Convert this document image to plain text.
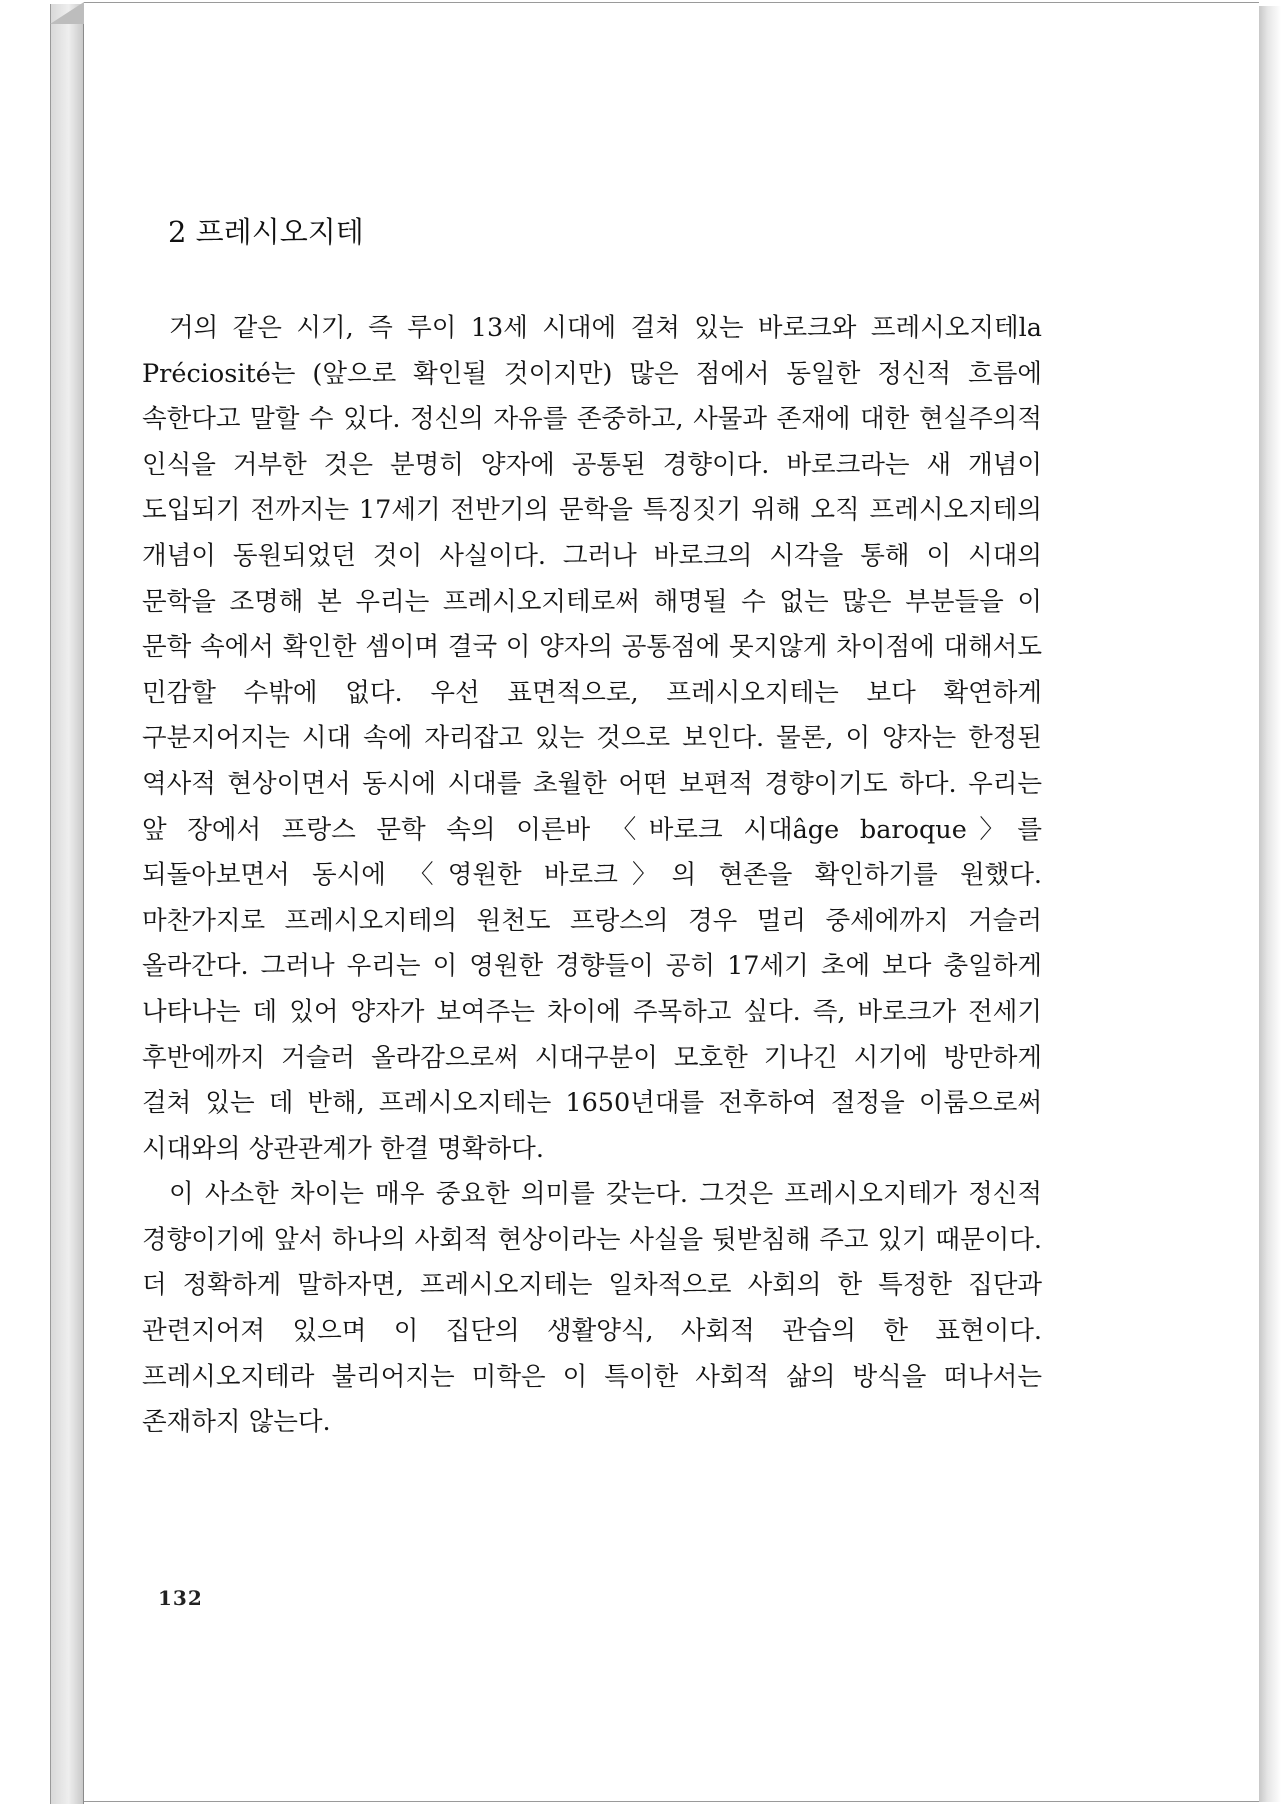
2 프레시오지테

거의 같은 시기, 즉 루이 13세 시대에 걸쳐 있는 바로크와 프레시오지테la Préciosité는 (앞으로 확인될 것이지만) 많은 점에서 동일한 정신적 흐름에 속한다고 말할 수 있다. 정신의 자유를 존중하고, 사물과 존재에 대한 현실주의적 인식을 거부한 것은 분명히 양자에 공통된 경향이다. 바로크라는 새 개념이 도입되기 전까지는 17세기 전반기의 문학을 특징짓기 위해 오직 프레시오지테의 개념이 동원되었던 것이 사실이다. 그러나 바로크의 시각을 통해 이 시대의 문학을 조명해 본 우리는 프레시오지테로써 해명될 수 없는 많은 부분들을 이 문학 속에서 확인한 셈이며 결국 이 양자의 공통점에 못지않게 차이점에 대해서도 민감할 수밖에 없다. 우선 표면적으로, 프레시오지테는 보다 확연하게 구분지어지는 시대 속에 자리잡고 있는 것으로 보인다. 물론, 이 양자는 한정된 역사적 현상이면서 동시에 시대를 초월한 어떤 보편적 경향이기도 하다. 우리는 앞 장에서 프랑스 문학 속의 이른바 〈바로크 시대âge baroque〉를 되돌아보면서 동시에 〈영원한 바로크〉의 현존을 확인하기를 원했다. 마찬가지로 프레시오지테의 원천도 프랑스의 경우 멀리 중세에까지 거슬러 올라간다. 그러나 우리는 이 영원한 경향들이 공히 17세기 초에 보다 충일하게 나타나는 데 있어 양자가 보여주는 차이에 주목하고 싶다. 즉, 바로크가 전세기 후반에까지 거슬러 올라감으로써 시대구분이 모호한 기나긴 시기에 방만하게 걸쳐 있는 데 반해, 프레시오지테는 1650년대를 전후하여 절정을 이룸으로써 시대와의 상관관계가 한결 명확하다.

이 사소한 차이는 매우 중요한 의미를 갖는다. 그것은 프레시오지테가 정신적 경향이기에 앞서 하나의 사회적 현상이라는 사실을 뒷받침해 주고 있기 때문이다. 더 정확하게 말하자면, 프레시오지테는 일차적으로 사회의 한 특정한 집단과 관련지어져 있으며 이 집단의 생활양식, 사회적 관습의 한 표현이다. 프레시오지테라 불리어지는 미학은 이 특이한 사회적 삶의 방식을 떠나서는 존재하지 않는다.

132
